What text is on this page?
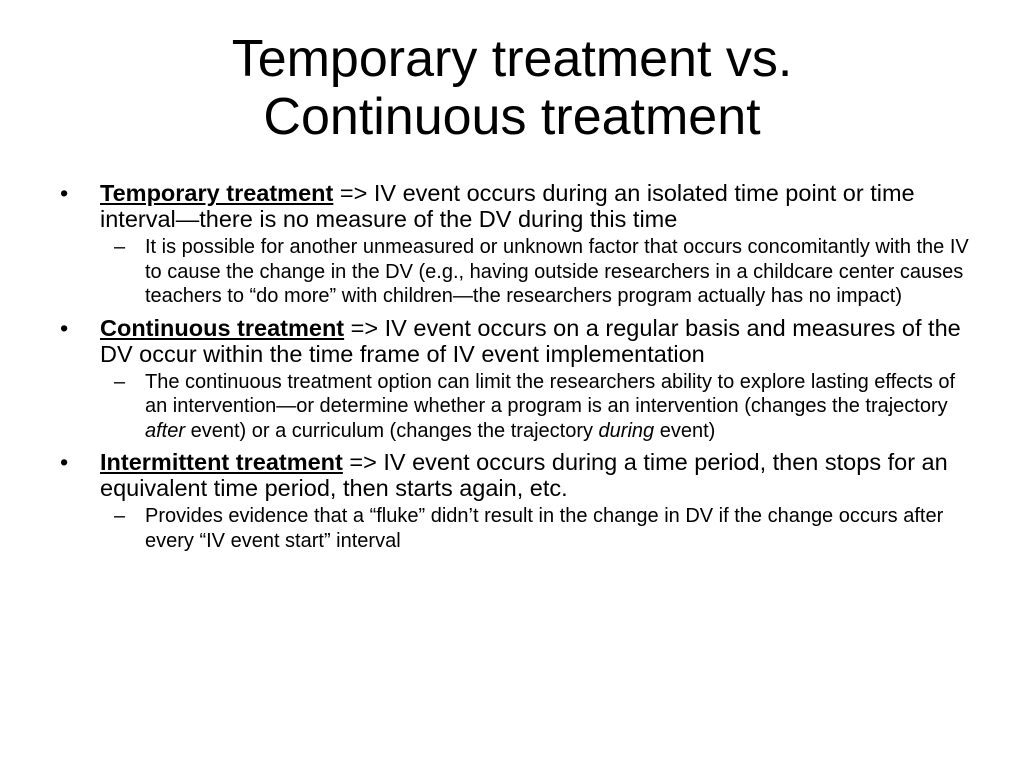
Temporary treatment vs.
Continuous treatment
• Temporary treatment => IV event occurs during an isolated time point or time interval—there is no measure of the DV during this time
– It is possible for another unmeasured or unknown factor that occurs concomitantly with the IV to cause the change in the DV (e.g., having outside researchers in a childcare center causes teachers to “do more” with children—the researchers program actually has no impact)
• Continuous treatment => IV event occurs on a regular basis and measures of the DV occur within the time frame of IV event implementation
– The continuous treatment option can limit the researchers ability to explore lasting effects of an intervention—or determine whether a program is an intervention (changes the trajectory after event) or a curriculum (changes the trajectory during event)
• Intermittent treatment => IV event occurs during a time period, then stops for an equivalent time period, then starts again, etc.
– Provides evidence that a “fluke” didn’t result in the change in DV if the change occurs after every “IV event start” interval
